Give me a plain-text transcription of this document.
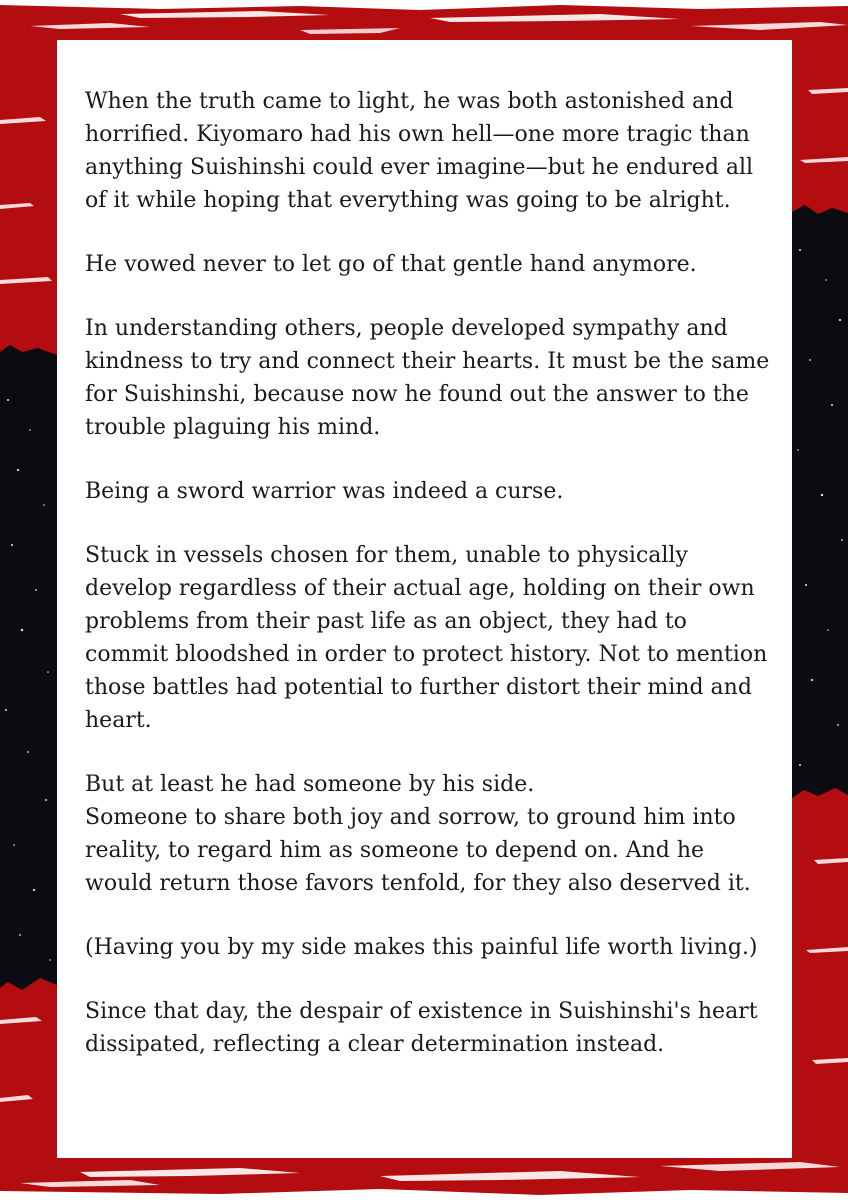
When the truth came to light, he was both astonished and horrified. Kiyomaro had his own hell—one more tragic than anything Suishinshi could ever imagine—but he endured all of it while hoping that everything was going to be alright.

He vowed never to let go of that gentle hand anymore.

In understanding others, people developed sympathy and kindness to try and connect their hearts. It must be the same for Suishinshi, because now he found out the answer to the trouble plaguing his mind.

Being a sword warrior was indeed a curse.

Stuck in vessels chosen for them, unable to physically develop regardless of their actual age, holding on their own problems from their past life as an object, they had to commit bloodshed in order to protect history. Not to mention those battles had potential to further distort their mind and heart.

But at least he had someone by his side.

Someone to share both joy and sorrow, to ground him into reality, to regard him as someone to depend on. And he would return those favors tenfold, for they also deserved it.

(Having you by my side makes this painful life worth living.)

Since that day, the despair of existence in Suishinshi's heart dissipated, reflecting a clear determination instead.
